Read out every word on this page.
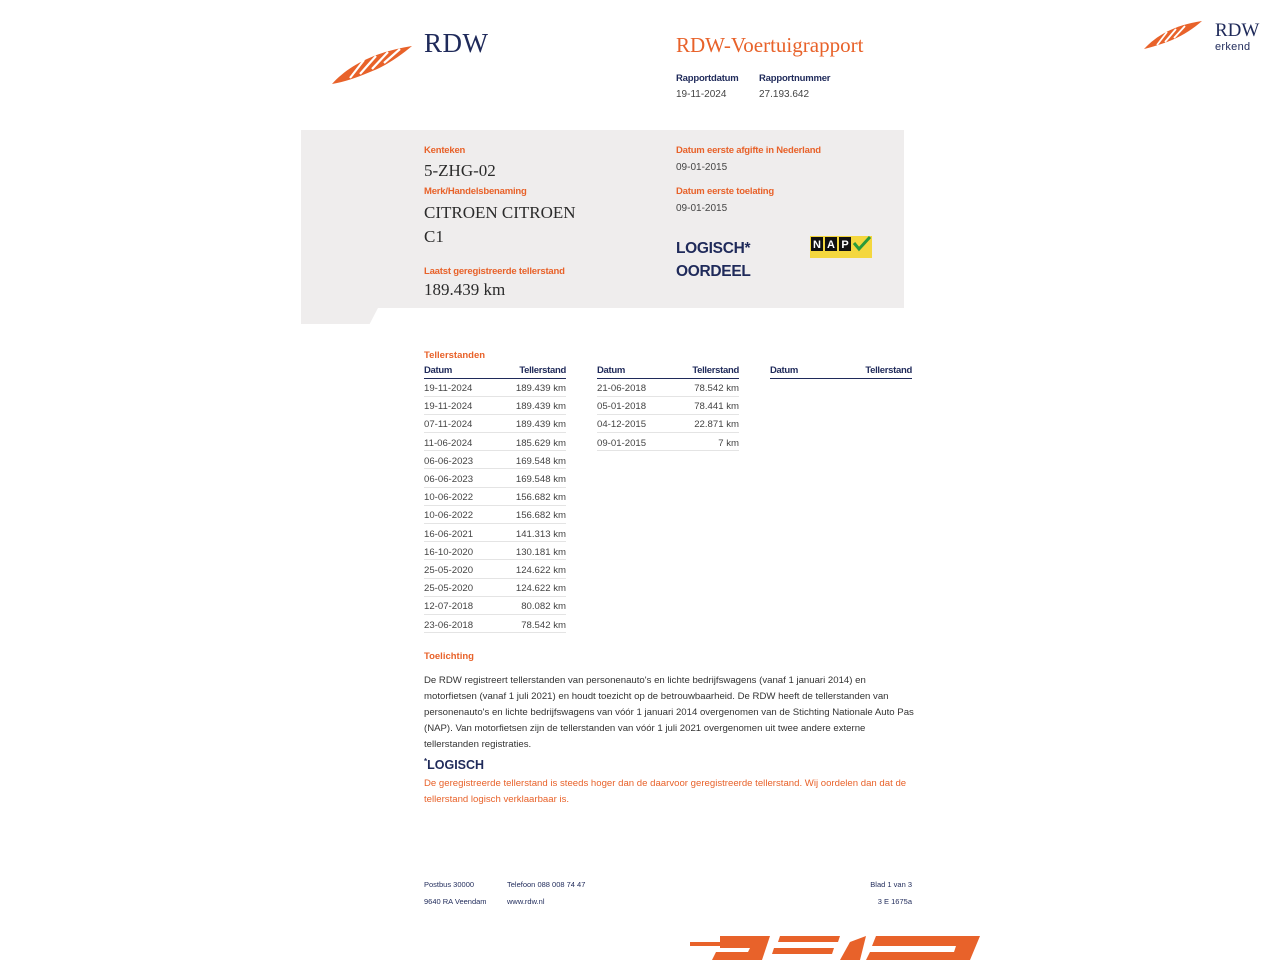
RDW	RDW-Voertuigrapport
Rapportdatum
19-11-2024
Rapportnummer
27.193.642
RDW
erkend
Kenteken
5-ZHG-02
Merk/Handelsbenaming
CITROEN CITROEN
C1
Laatst geregistreerde tellerstand
189.439 km
Datum eerste afgifte in Nederland
09-01-2015
Datum eerste toelating
09-01-2015
LOGISCH*
OORDEEL
N A P
Tellerstanden
Datum	Tellerstand
19-11-2024	189.439 km
19-11-2024	189.439 km
07-11-2024	189.439 km
11-06-2024	185.629 km
06-06-2023	169.548 km
06-06-2023	169.548 km
10-06-2022	156.682 km
10-06-2022	156.682 km
16-06-2021	141.313 km
16-10-2020	130.181 km
25-05-2020	124.622 km
25-05-2020	124.622 km
12-07-2018	80.082 km
23-06-2018	78.542 km
Datum	Tellerstand
21-06-2018	78.542 km
05-01-2018	78.441 km
04-12-2015	22.871 km
09-01-2015	7 km
Datum	Tellerstand
Toelichting
De RDW registreert tellerstanden van personenauto's en lichte bedrijfswagens (vanaf 1 januari 2014) en motorfietsen (vanaf 1 juli 2021) en houdt toezicht op de betrouwbaarheid. De RDW heeft de tellerstanden van personenauto's en lichte bedrijfswagens van vóór 1 januari 2014 overgenomen van de Stichting Nationale Auto Pas (NAP). Van motorfietsen zijn de tellerstanden van vóór 1 juli 2021 overgenomen uit twee andere externe tellerstanden registraties.
*LOGISCH
De geregistreerde tellerstand is steeds hoger dan de daarvoor geregistreerde tellerstand. Wij oordelen dan dat de tellerstand logisch verklaarbaar is.
Postbus 30000
9640 RA Veendam
Telefoon 088 008 74 47
www.rdw.nl
Blad 1 van 3
3 E 1675a
